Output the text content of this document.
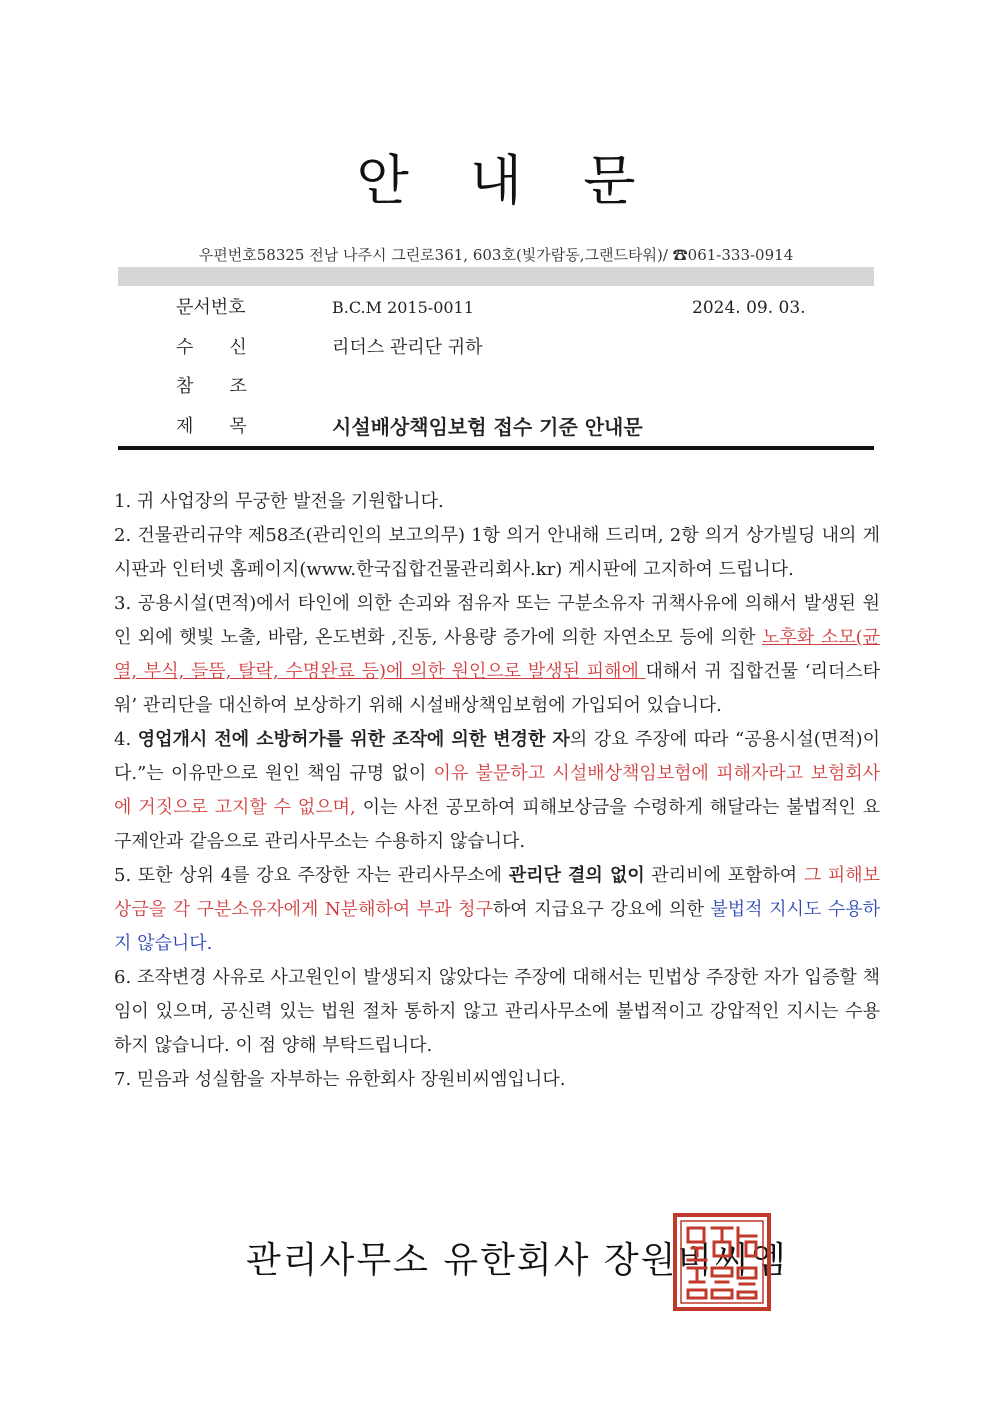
안 내 문
우편번호58325 전남 나주시 그린로361, 603호(빛가람동,그랜드타워)/ ☎061-333-0914
문서번호	B.C.M 2015-0011	2024. 09. 03.
수신	리더스 관리단 귀하
참조
제목 시설배상책임보험 접수 기준 안내문

1. 귀 사업장의 무궁한 발전을 기원합니다.

2. 건물관리규약 제58조(관리인의 보고의무) 1항 의거 안내해 드리며, 2항 의거 상가빌딩 내의 게시판과 인터넷 홈페이지(www.한국집합건물관리회사.kr) 게시판에 고지하여 드립니다.

3. 공용시설(면적)에서 타인에 의한 손괴와 점유자 또는 구분소유자 귀책사유에 의해서 발생된 원인 외에 햇빛 노출, 바람, 온도변화 ,진동, 사용량 증가에 의한 자연소모 등에 의한 노후화 소모(균열, 부식, 들뜸, 탈락, 수명완료 등)에 의한 원인으로 발생된 피해에 대해서 귀 집합건물 ‘리더스타워’ 관리단을 대신하여 보상하기 위해 시설배상책임보험에 가입되어 있습니다.

4. 영업개시 전에 소방허가를 위한 조작에 의한 변경한 자의 강요 주장에 따라 “공용시설(면적)이다.”는 이유만으로 원인 책임 규명 없이 이유 불문하고 시설배상책임보험에 피해자라고 보험회사에 거짓으로 고지할 수 없으며, 이는 사전 공모하여 피해보상금을 수령하게 해달라는 불법적인 요구제안과 같음으로 관리사무소는 수용하지 않습니다.

5. 또한 상위 4를 강요 주장한 자는 관리사무소에 관리단 결의 없이 관리비에 포함하여 그 피해보상금을 각 구분소유자에게 N분해하여 부과 청구하여 지급요구 강요에 의한 불법적 지시도 수용하지 않습니다.

6. 조작변경 사유로 사고원인이 발생되지 않았다는 주장에 대해서는 민법상 주장한 자가 입증할 책임이 있으며, 공신력 있는 법원 절차 통하지 않고 관리사무소에 불법적이고 강압적인 지시는 수용하지 않습니다. 이 점 양해 부탁드립니다.

7. 믿음과 성실함을 자부하는 유한회사 장원비씨엠입니다.

관리사무소 유한회사 장원비씨엠
